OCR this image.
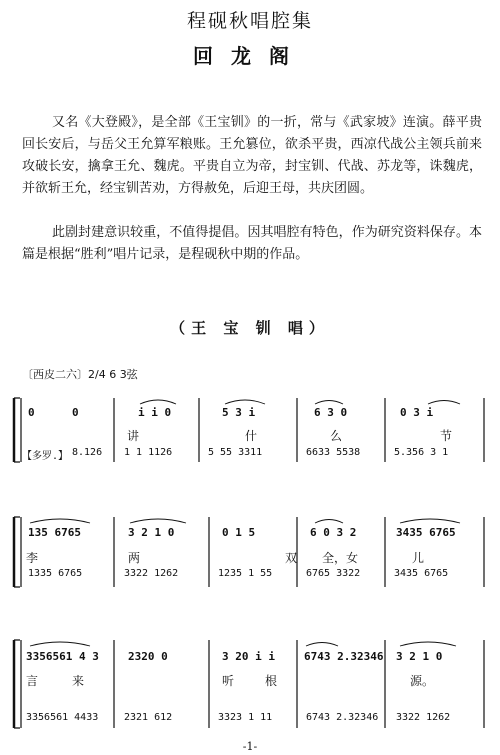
程砚秋唱腔集
回龙阁
又名《大登殿》，是全部《王宝钏》的一折，常与《武家坡》连演。薛平贵回长安后，与岳父王允算军粮账。王允篡位，欲杀平贵，西凉代战公主领兵前来攻破长安，擒拿王允、魏虎。平贵自立为帝，封宝钏、代战、苏龙等，诛魏虎，并欲斩王允，经宝钏苦劝，方得赦免，后迎王母，共庆团圆。
此剧封建意识较重，不值得提倡。因其唱腔有特色，作为研究资料保存。本篇是根据“胜利”唱片记录，是程砚秋中期的作品。
（王 宝 钏 唱）
〔西皮二六〕2/4 6 3弦
0	0	i i 0	5 3 i	6 3 0	0 3 i
讲	什	么	节
【多罗.】 8.126 1 1 1126	5 55 3311	6633 5538	5.356 3 1
135 6765	3 2 1 0	0 1 5	6 0 3 2	3435 6765
李	两	双 全，女	儿
1335 6765	3322 1262	1235 1 55	6765 3322	3435 6765
3356561 4 3	2320 0	3 20 i i	6743 2.32346 3 2 1 0
言	来	听	根	源。
3356561 4433	2321 612	3323 1 11	6743 2.32346 3322 1262
-1-
